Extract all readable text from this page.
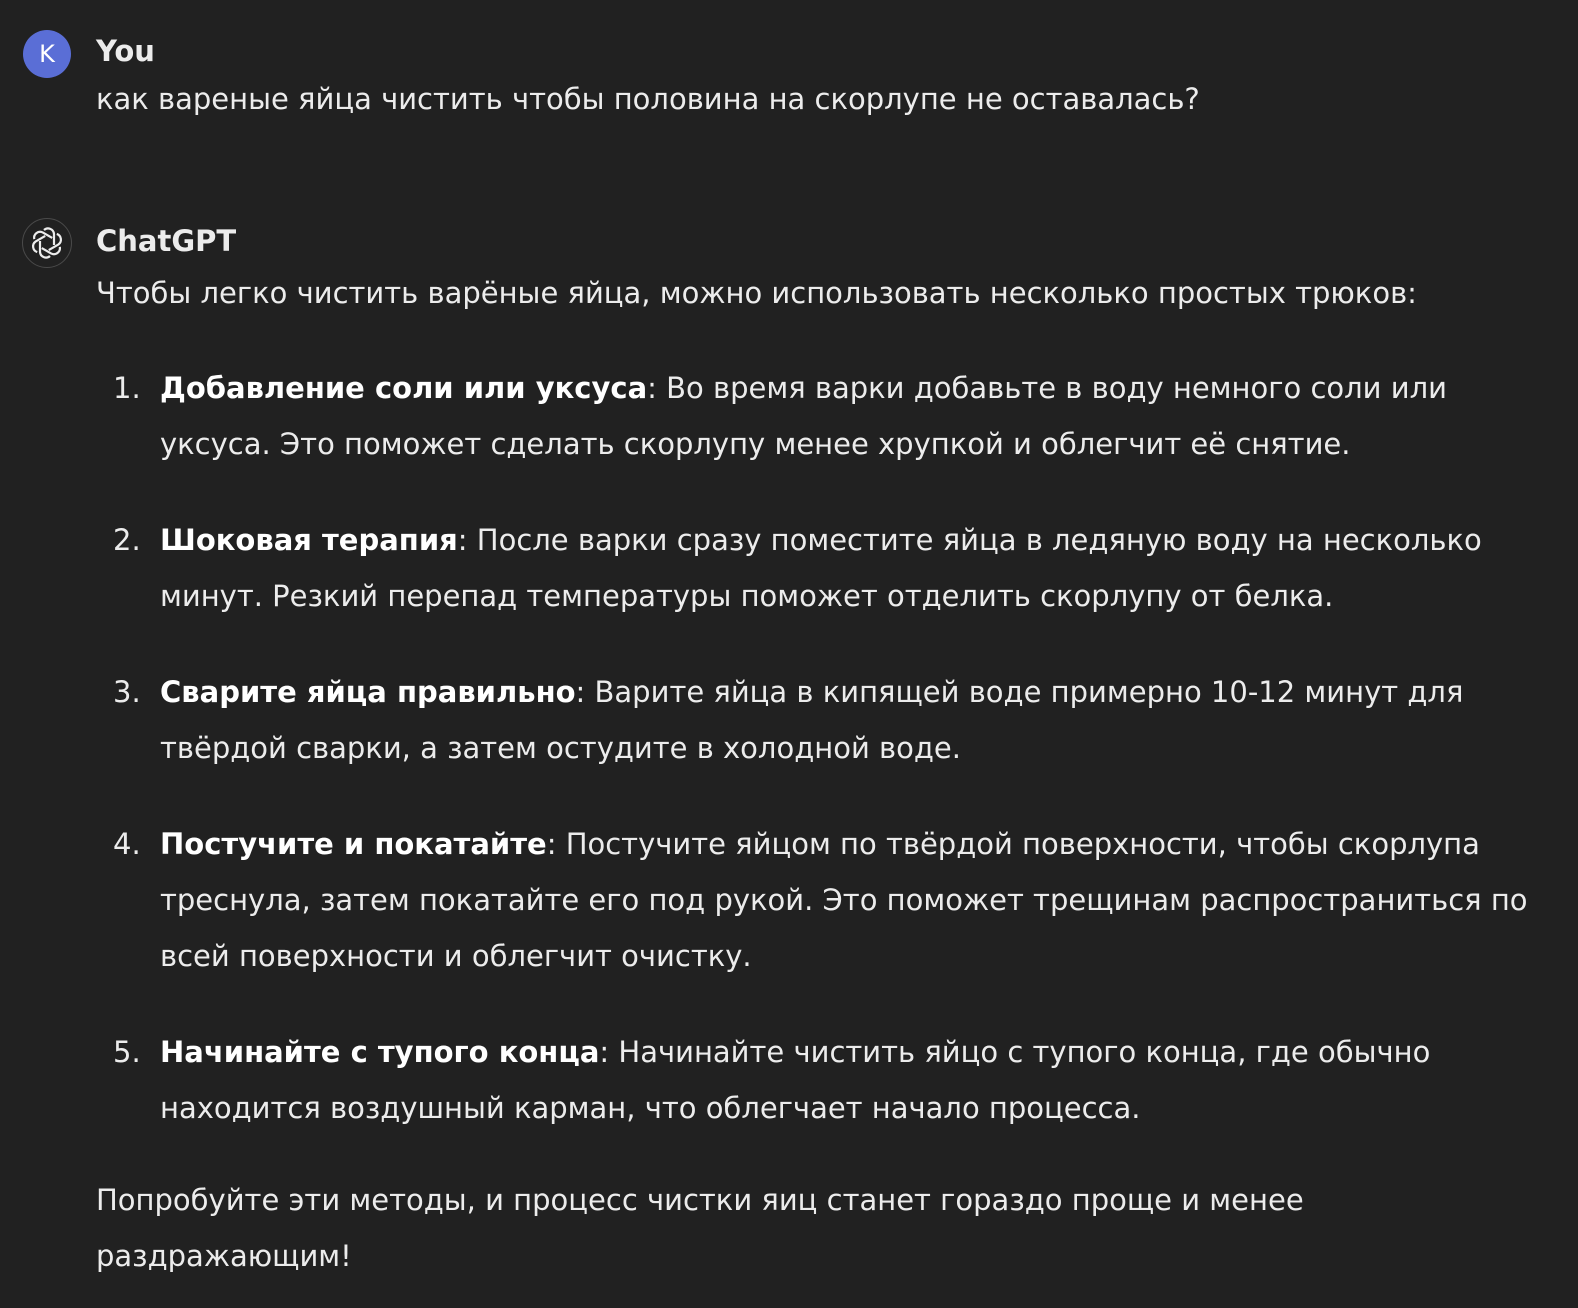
K	You
как вареные яйца чистить чтобы половина на скорлупе не оставалась?
ChatGPT
Чтобы легко чистить варёные яйца, можно использовать несколько простых трюков:
1. Добавление соли или уксуса: Во время варки добавьте в воду немного соли или уксуса. Это поможет сделать скорлупу менее хрупкой и облегчит её снятие.
2. Шоковая терапия: После варки сразу поместите яйца в ледяную воду на несколько минут. Резкий перепад температуры поможет отделить скорлупу от белка.
3. Сварите яйца правильно: Варите яйца в кипящей воде примерно 10-12 минут для твёрдой сварки, а затем остудите в холодной воде.
4. Постучите и покатайте: Постучите яйцом по твёрдой поверхности, чтобы скорлупа треснула, затем покатайте его под рукой. Это поможет трещинам распространиться по всей поверхности и облегчит очистку.
5. Начинайте с тупого конца: Начинайте чистить яйцо с тупого конца, где обычно находится воздушный карман, что облегчает начало процесса.
Попробуйте эти методы, и процесс чистки яиц станет гораздо проще и менее раздражающим!
